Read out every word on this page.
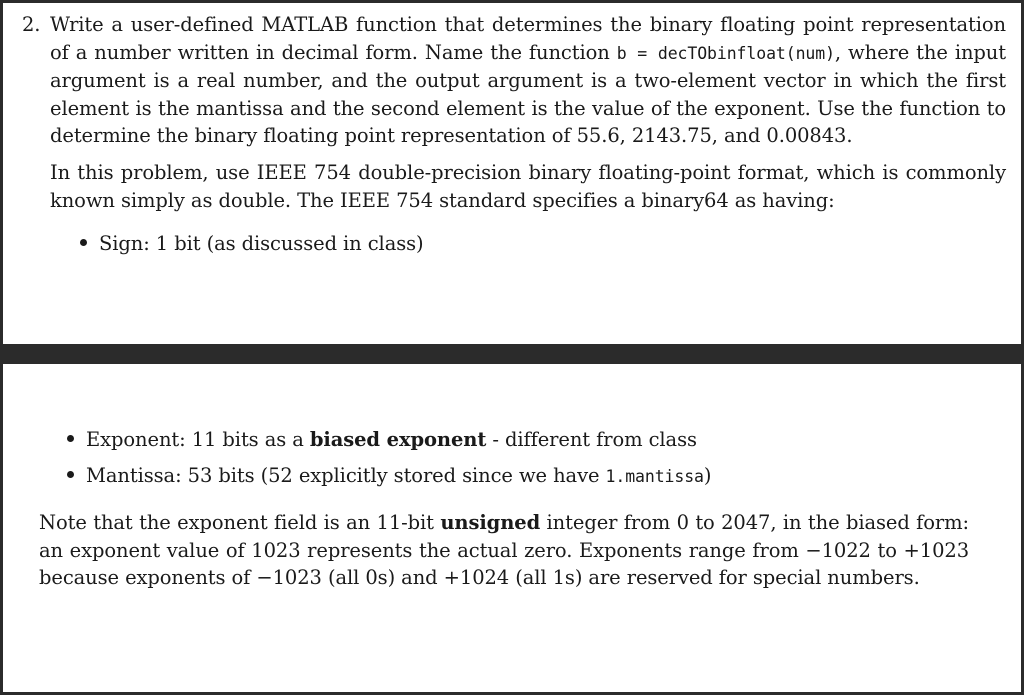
2. Write a user-defined MATLAB function that determines the binary floating point representation of a number written in decimal form. Name the function b = decTObinfloat(num), where the input argument is a real number, and the output argument is a two-element vector in which the first element is the mantissa and the second element is the value of the exponent. Use the function to determine the binary floating point representation of 55.6, 2143.75, and 0.00843.

In this problem, use IEEE 754 double-precision binary floating-point format, which is commonly known simply as double. The IEEE 754 standard specifies a binary64 as having:

Sign: 1 bit (as discussed in class)

Exponent: 11 bits as a biased exponent - different from class

Mantissa: 53 bits (52 explicitly stored since we have 1.mantissa)

Note that the exponent field is an 11-bit unsigned integer from 0 to 2047, in the biased form: an exponent value of 1023 represents the actual zero. Exponents range from −1022 to +1023 because exponents of −1023 (all 0s) and +1024 (all 1s) are reserved for special numbers.
